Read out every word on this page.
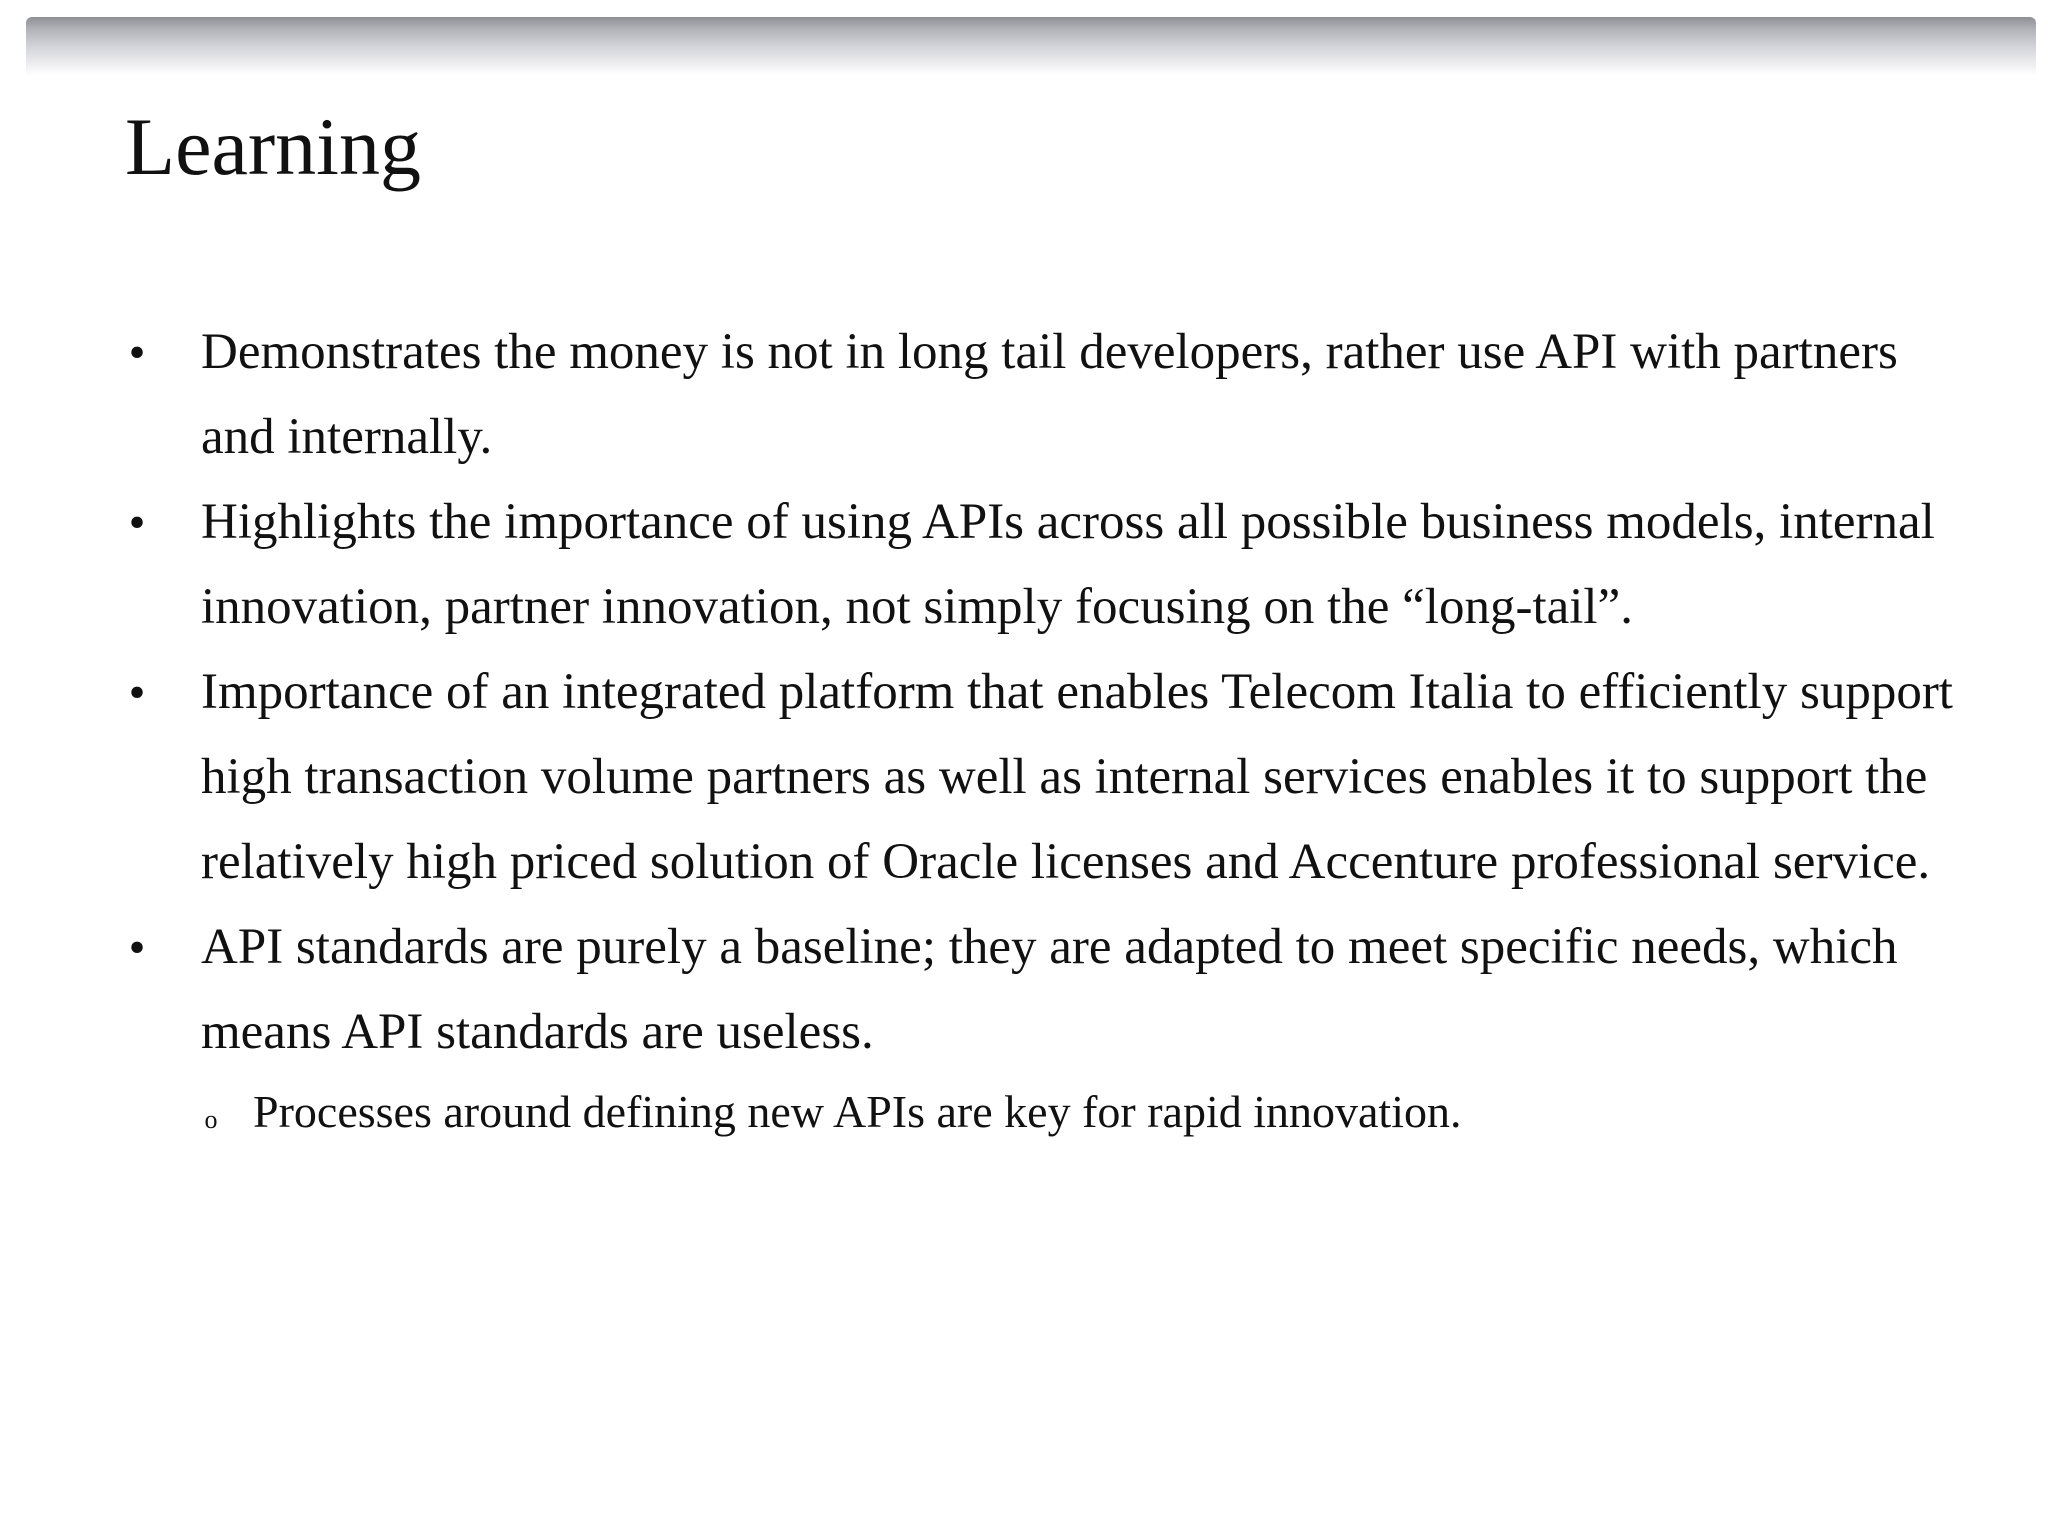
Learning
• Demonstrates the money is not in long tail developers, rather use API with partners and internally.
• Highlights the importance of using APIs across all possible business models, internal innovation, partner innovation, not simply focusing on the “long-tail”.
• Importance of an integrated platform that enables Telecom Italia to efficiently support high transaction volume partners as well as internal services enables it to support the relatively high priced solution of Oracle licenses and Accenture professional service.
• API standards are purely a baseline; they are adapted to meet specific needs, which means API standards are useless.
o Processes around defining new APIs are key for rapid innovation.
